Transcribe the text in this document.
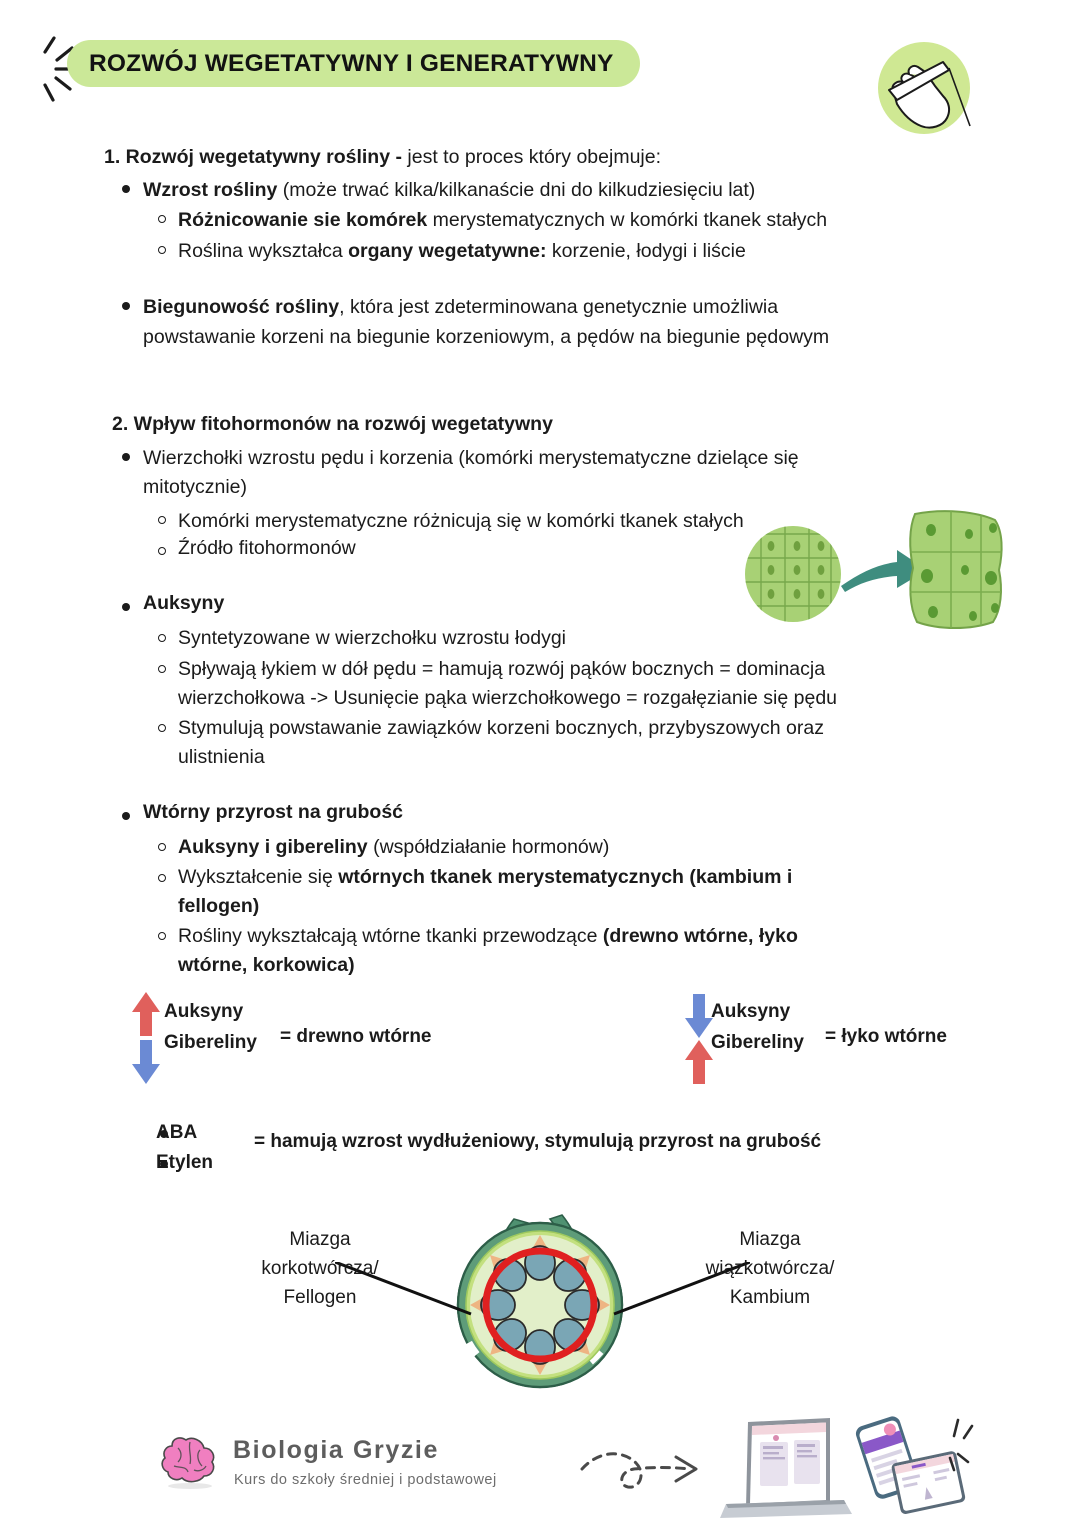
ROZWÓJ WEGETATYWNY I GENERATYWNY
1. Rozwój wegetatywny rośliny - jest to proces który obejmuje:
Wzrost rośliny (może trwać kilka/kilkanaście dni do kilkudziesięciu lat)
Różnicowanie sie komórek merystematycznych w komórki tkanek stałych
Roślina wykształca organy wegetatywne: korzenie, łodygi i liście
Biegunowość rośliny, która jest zdeterminowana genetycznie umożliwia
powstawanie korzeni na biegunie korzeniowym, a pędów na biegunie pędowym
2. Wpływ fitohormonów na rozwój wegetatywny
Wierzchołki wzrostu pędu i korzenia (komórki merystematyczne dzielące się
mitotycznie)
Komórki merystematyczne różnicują się w komórki tkanek stałych
Źródło fitohormonów
Auksyny
Syntetyzowane w wierzchołku wzrostu łodygi
Spływają łykiem w dół pędu = hamują rozwój pąków bocznych = dominacja
wierzchołkowa -> Usunięcie pąka wierzchołkowego = rozgałęzianie się pędu
Stymulują powstawanie zawiązków korzeni bocznych, przybyszowych oraz
ulistnienia
Wtórny przyrost na grubość
Auksyny i gibereliny (współdziałanie hormonów)
Wykształcenie się wtórnych tkanek merystematycznych (kambium i
fellogen)
Rośliny wykształcają wtórne tkanki przewodzące (drewno wtórne, łyko
wtórne, korkowica)
Auksyny
Gibereliny = drewno wtórne
Auksyny
Gibereliny = łyko wtórne
ABA
Etylen
= hamują wzrost wydłużeniowy, stymulują przyrost na grubość
Miazga
korkotwórcza/
Fellogen
Miazga
wiązkotwórcza/
Kambium
Biologia Gryzie
Kurs do szkoły średniej i podstawowej
